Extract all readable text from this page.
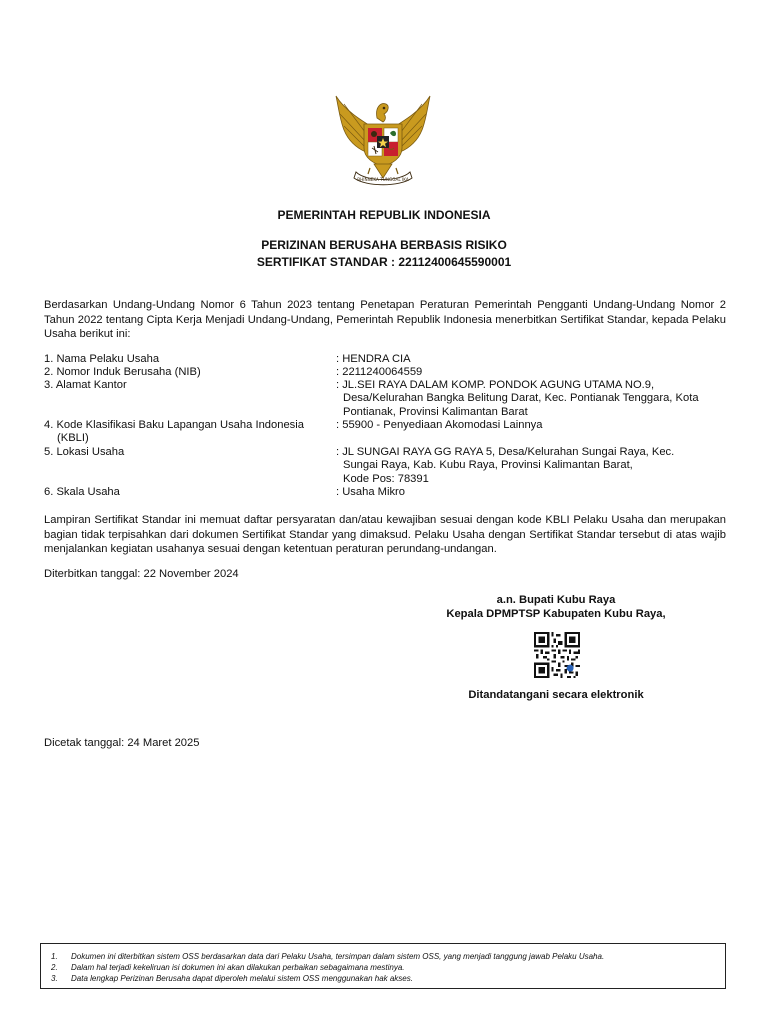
BHINNEKA TUNGGAL IKA
PEMERINTAH REPUBLIK INDONESIA
PERIZINAN BERUSAHA BERBASIS RISIKO
SERTIFIKAT STANDAR : 22112400645590001
Berdasarkan Undang-Undang Nomor 6 Tahun 2023 tentang Penetapan Peraturan Pemerintah Pengganti Undang-Undang Nomor 2 Tahun 2022 tentang Cipta Kerja Menjadi Undang-Undang, Pemerintah Republik Indonesia menerbitkan Sertifikat Standar, kepada Pelaku Usaha berikut ini:
1. Nama Pelaku Usaha	: HENDRA CIA
2. Nomor Induk Berusaha (NIB)	: 2211240064559
3. Alamat Kantor	: JL.SEI RAYA DALAM KOMP. PONDOK AGUNG UTAMA NO.9,
Desa/Kelurahan Bangka Belitung Darat, Kec. Pontianak Tenggara, Kota
Pontianak, Provinsi Kalimantan Barat
4. Kode Klasifikasi Baku Lapangan Usaha Indonesia
(KBLI)
: 55900 - Penyediaan Akomodasi Lainnya
5. Lokasi Usaha	: JL SUNGAI RAYA GG RAYA 5, Desa/Kelurahan Sungai Raya, Kec.
Sungai Raya, Kab. Kubu Raya, Provinsi Kalimantan Barat,
Kode Pos: 78391
6. Skala Usaha	: Usaha Mikro
Lampiran Sertifikat Standar ini memuat daftar persyaratan dan/atau kewajiban sesuai dengan kode KBLI Pelaku Usaha dan merupakan bagian tidak terpisahkan dari dokumen Sertifikat Standar yang dimaksud. Pelaku Usaha dengan Sertifikat Standar tersebut di atas wajib menjalankan kegiatan usahanya sesuai dengan ketentuan peraturan perundang-undangan.
Diterbitkan tanggal: 22 November 2024
a.n. Bupati Kubu Raya
Kepala DPMPTSP Kabupaten Kubu Raya,
Ditandatangani secara elektronik
Dicetak tanggal: 24 Maret 2025
1. Dokumen ini diterbitkan sistem OSS berdasarkan data dari Pelaku Usaha, tersimpan dalam sistem OSS, yang menjadi tanggung jawab Pelaku Usaha.
2. Dalam hal terjadi kekeliruan isi dokumen ini akan dilakukan perbaikan sebagaimana mestinya.
3. Data lengkap Perizinan Berusaha dapat diperoleh melalui sistem OSS menggunakan hak akses.
